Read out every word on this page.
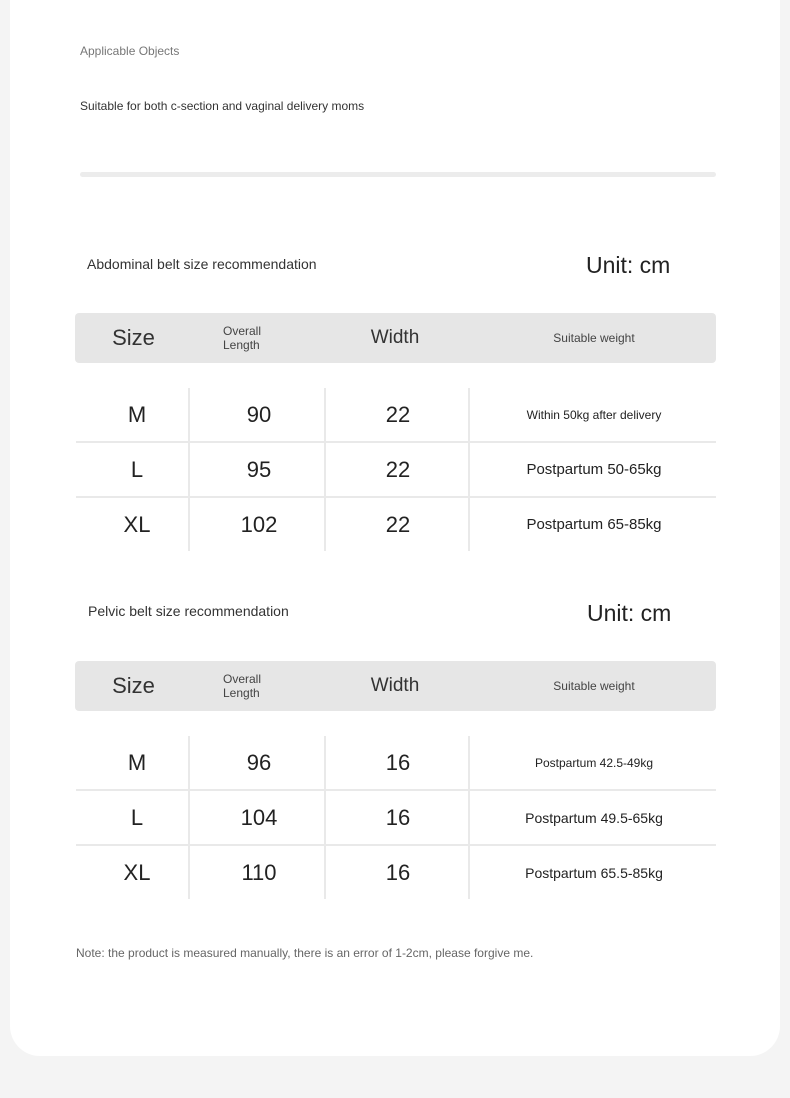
Applicable Objects
Suitable for both c-section and vaginal delivery moms
Abdominal belt size recommendation	Unit: cm
Size	Overall Length	Width	Suitable weight
M	90	22	Within 50kg after delivery
L	95	22	Postpartum 50-65kg
XL	102	22	Postpartum 65-85kg
Pelvic belt size recommendation	Unit: cm
Size	Overall Length	Width	Suitable weight
M	96	16	Postpartum 42.5-49kg
L	104	16	Postpartum 49.5-65kg
XL	110	16	Postpartum 65.5-85kg
Note: the product is measured manually, there is an error of 1-2cm, please forgive me.
